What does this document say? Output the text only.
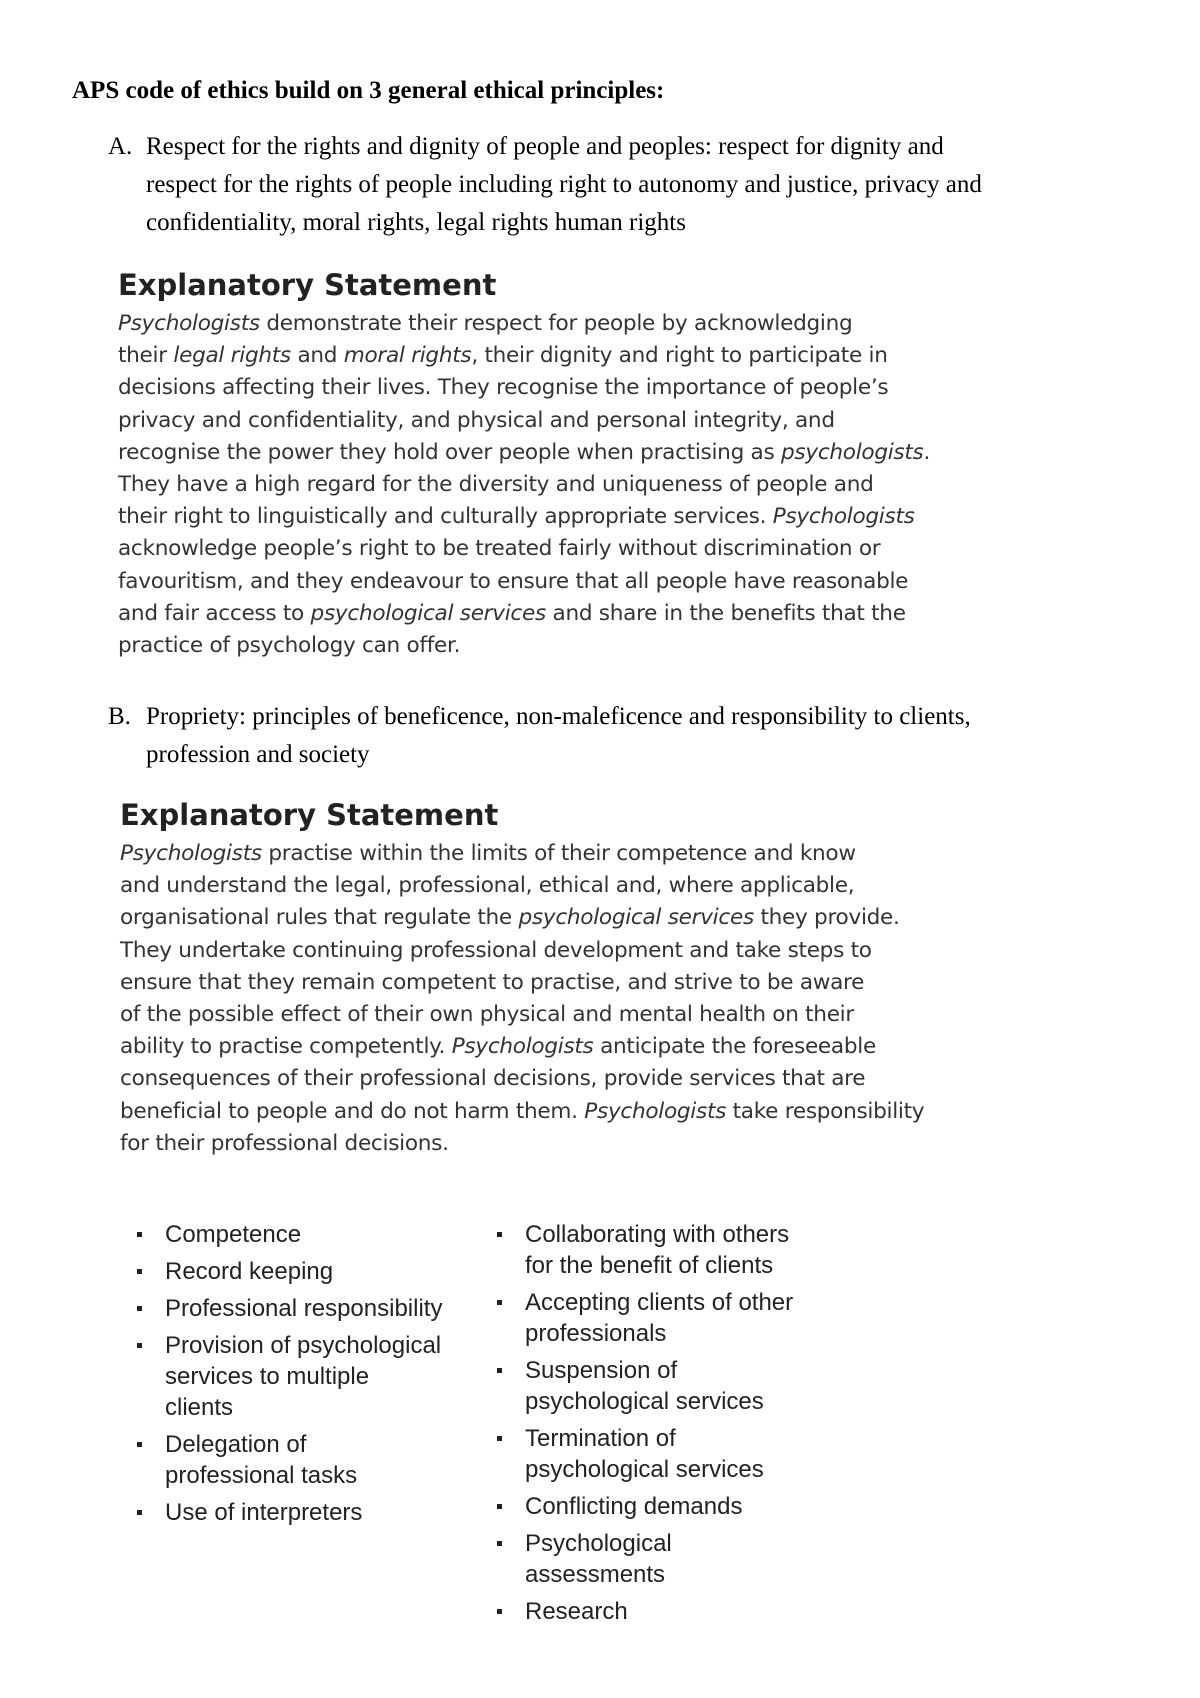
APS code of ethics build on 3 general ethical principles:
A. Respect for the rights and dignity of people and peoples: respect for dignity and
respect for the rights of people including right to autonomy and justice, privacy and
confidentiality, moral rights, legal rights human rights
Explanatory Statement
Psychologists demonstrate their respect for people by acknowledging
their legal rights and moral rights, their dignity and right to participate in
decisions affecting their lives. They recognise the importance of people’s
privacy and confidentiality, and physical and personal integrity, and
recognise the power they hold over people when practising as psychologists.
They have a high regard for the diversity and uniqueness of people and
their right to linguistically and culturally appropriate services. Psychologists
acknowledge people’s right to be treated fairly without discrimination or
favouritism, and they endeavour to ensure that all people have reasonable
and fair access to psychological services and share in the benefits that the
practice of psychology can offer.
B. Propriety: principles of beneficence, non-maleficence and responsibility to clients,
profession and society
Explanatory Statement
Psychologists practise within the limits of their competence and know
and understand the legal, professional, ethical and, where applicable,
organisational rules that regulate the psychological services they provide.
They undertake continuing professional development and take steps to
ensure that they remain competent to practise, and strive to be aware
of the possible effect of their own physical and mental health on their
ability to practise competently. Psychologists anticipate the foreseeable
consequences of their professional decisions, provide services that are
beneficial to people and do not harm them. Psychologists take responsibility
for their professional decisions.
Competence
Record keeping
Professional responsibility
Provision of psychological
services to multiple
clients
Delegation of
professional tasks
Use of interpreters
Collaborating with others
for the benefit of clients
Accepting clients of other
professionals
Suspension of
psychological services
Termination of
psychological services
Conflicting demands
Psychological
assessments
Research
